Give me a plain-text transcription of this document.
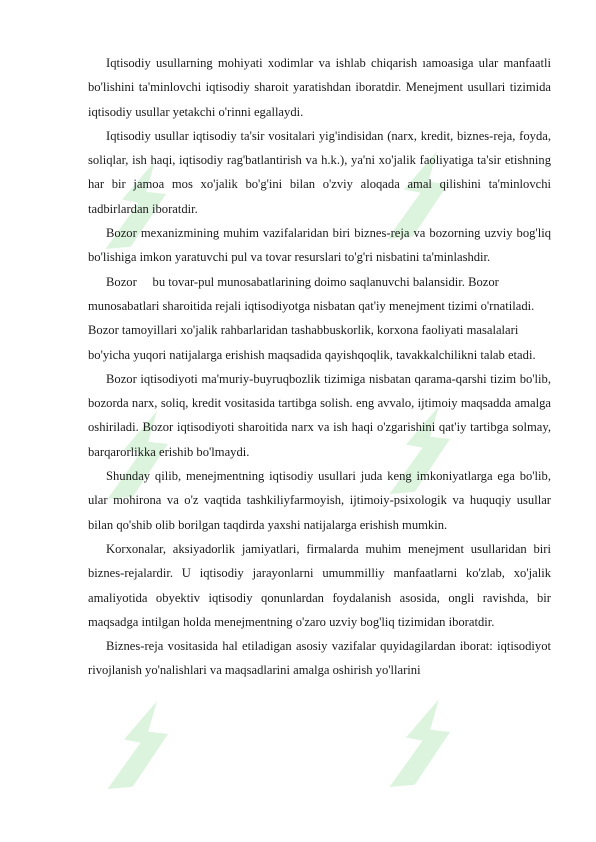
Iqtisodiy usullarning mohiyati xodimlar va ishlab chiqarish ıamoasiga ular manfaatli bo'lishini ta'minlovchi iqtisodiy sharoit yaratishdan iboratdir. Menejment usullari tizimida iqtisodiy usullar yetakchi o'rinni egallaydi.

Iqtisodiy usullar iqtisodiy ta'sir vositalari yig'indisidan (narx, kredit, biznes-reja, foyda, soliqlar, ish haqi, iqtisodiy rag'batlantirish va h.k.), ya'ni xo'jalik faoliyatiga ta'sir etishning har bir jamoa mos xo'jalik bo'g'ini bilan o'zviy aloqada amal qilishini ta'minlovchi tadbirlardan iboratdir.

Bozor mexanizmining muhim vazifalaridan biri biznes-reja va bozorning uzviy bog'liq bo'lishiga imkon yaratuvchi pul va tovar resurslari to'g'ri nisbatini ta'minlashdir.

Bozor     bu tovar-pul munosabatlarining doimo saqlanuvchi balansidir. Bozor munosabatlari sharoitida rejali iqtisodiyotga nisbatan qat'iy menejment tizimi o'rnatiladi. Bozor tamoyillari xo'jalik rahbarlaridan tashabbuskorlik, korxona faoliyati masalalari bo'yicha yuqori natijalarga erishish maqsadida qayishqoqlik, tavakkalchilikni talab etadi.

Bozor iqtisodiyoti ma'muriy-buyruqbozlik tizimiga nisbatan qarama-qarshi tizim bo'lib, bozorda narx, soliq, kredit vositasida tartibga solish. eng avvalo, ijtimoiy maqsadda amalga oshiriladi. Bozor iqtisodiyoti sharoitida narx va ish haqi o'zgarishini qat'iy tartibga solmay, barqarorlikka erishib bo'lmaydi.

Shunday qilib, menejmentning iqtisodiy usullari juda keng imkoniyatlarga ega bo'lib, ular mohirona va o'z vaqtida tashkiliyfarmoyish, ijtimoiy-psixologik va huquqiy usullar bilan qo'shib olib borilgan taqdirda yaxshi natijalarga erishish mumkin.

Korxonalar, aksiyadorlik jamiyatlari, firmalarda muhim menejment usullaridan biri biznes-rejalardir. U iqtisodiy jarayonlarni umummilliy manfaatlarni ko'zlab, xo'jalik amaliyotida obyektiv iqtisodiy qonunlardan foydalanish asosida, ongli ravishda, bir maqsadga intilgan holda menejmentning o'zaro uzviy bog'liq tizimidan iboratdir.

Biznes-reja vositasida hal etiladigan asosiy vazifalar quyidagilardan iborat: iqtisodiyot rivojlanish yo'nalishlari va maqsadlarini amalga oshirish yo'llarini
